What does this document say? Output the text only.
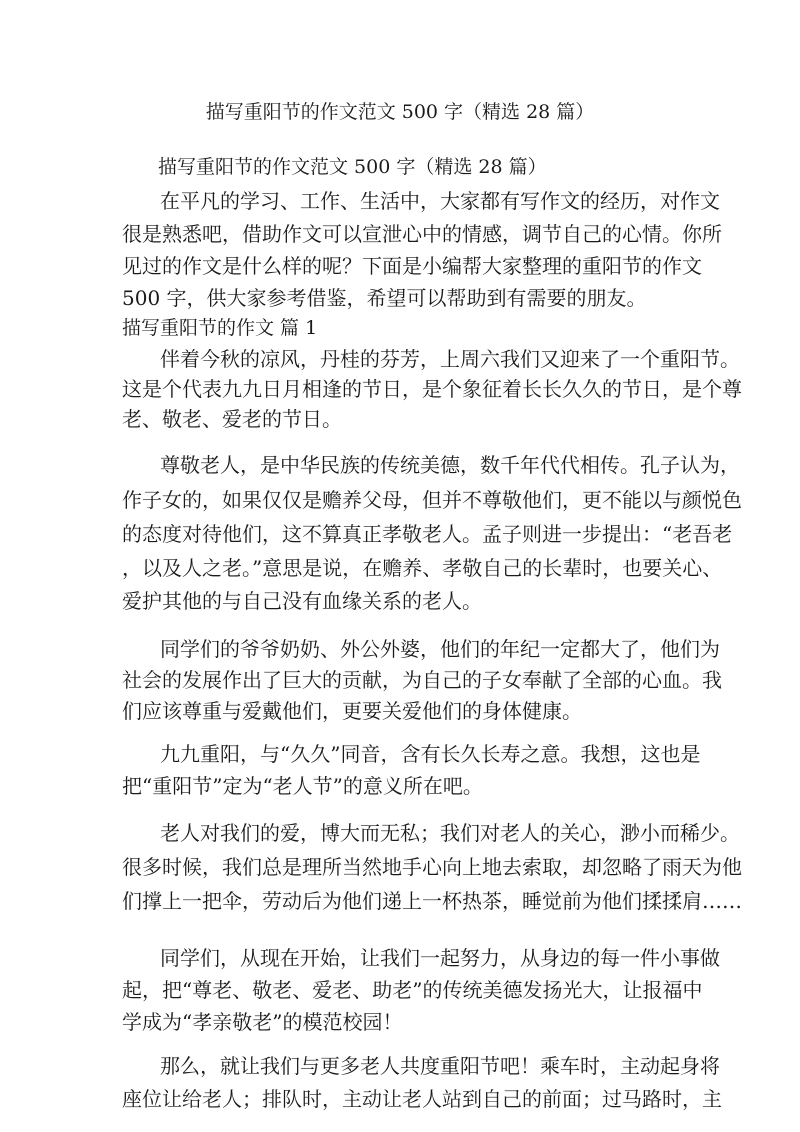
描写重阳节的作文范文 500 字（精选 28 篇）
描写重阳节的作文范文 500 字（精选 28 篇）
在平凡的学习、工作、生活中，大家都有写作文的经历，对作文
很是熟悉吧，借助作文可以宣泄心中的情感，调节自己的心情。你所
见过的作文是什么样的呢？下面是小编帮大家整理的重阳节的作文
500 字，供大家参考借鉴，希望可以帮助到有需要的朋友。
描写重阳节的作文 篇 1
伴着今秋的凉风，丹桂的芬芳，上周六我们又迎来了一个重阳节。
这是个代表九九日月相逢的节日，是个象征着长长久久的节日，是个尊
老、敬老、爱老的节日。
尊敬老人，是中华民族的传统美德，数千年代代相传。孔子认为，
作子女的，如果仅仅是赡养父母，但并不尊敬他们，更不能以与颜悦色
的态度对待他们，这不算真正孝敬老人。孟子则进一步提出：“老吾老
，以及人之老。”意思是说，在赡养、孝敬自己的长辈时，也要关心、
爱护其他的与自己没有血缘关系的老人。
同学们的爷爷奶奶、外公外婆，他们的年纪一定都大了，他们为
社会的发展作出了巨大的贡献，为自己的子女奉献了全部的心血。我
们应该尊重与爱戴他们，更要关爱他们的身体健康。
九九重阳，与“久久”同音，含有长久长寿之意。我想，这也是
把“重阳节”定为“老人节”的意义所在吧。
老人对我们的爱，博大而无私；我们对老人的关心，渺小而稀少。
很多时候，我们总是理所当然地手心向上地去索取，却忽略了雨天为他
们撑上一把伞，劳动后为他们递上一杯热茶，睡觉前为他们揉揉肩……
同学们，从现在开始，让我们一起努力，从身边的每一件小事做
起，把“尊老、敬老、爱老、助老”的传统美德发扬光大，让报福中
学成为“孝亲敬老”的模范校园！
那么，就让我们与更多老人共度重阳节吧！乘车时，主动起身将
座位让给老人；排队时，主动让老人站到自己的前面；过马路时，主
